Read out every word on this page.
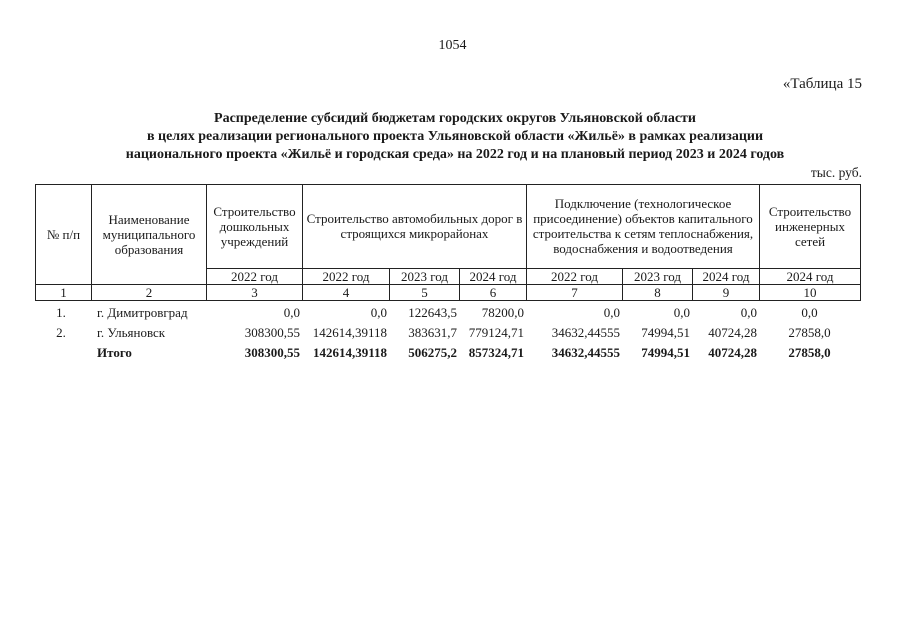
1054
«Таблица 15
Распределение субсидий бюджетам городских округов Ульяновской области
в целях реализации регионального проекта Ульяновской области «Жильё» в рамках реализации
национального проекта «Жильё и городская среда» на 2022 год и на плановый период 2023 и 2024 годов
тыс. руб.
№ п/п	Наименование муниципального образования	Строительство дошкольных учреждений	Строительство автомобильных дорог в строящихся микрорайонах			Подключение (технологическое присоединение) объектов капитального строительства к сетям теплоснабжения, водоснабжения и водоотведения			Строительство инженерных сетей
		2022 год	2022 год	2023 год	2024 год	2022 год	2023 год	2024 год	2024 год
1	2	3	4	5	6	7	8	9	10
1.	г. Димитровград	0,0	0,0	122643,5	78200,0	0,0	0,0	0,0	0,0
2.	г. Ульяновск	308300,55	142614,39118	383631,7	779124,71	34632,44555	74994,51	40724,28	27858,0
	Итого	308300,55	142614,39118	506275,2	857324,71	34632,44555	74994,51	40724,28	27858,0
